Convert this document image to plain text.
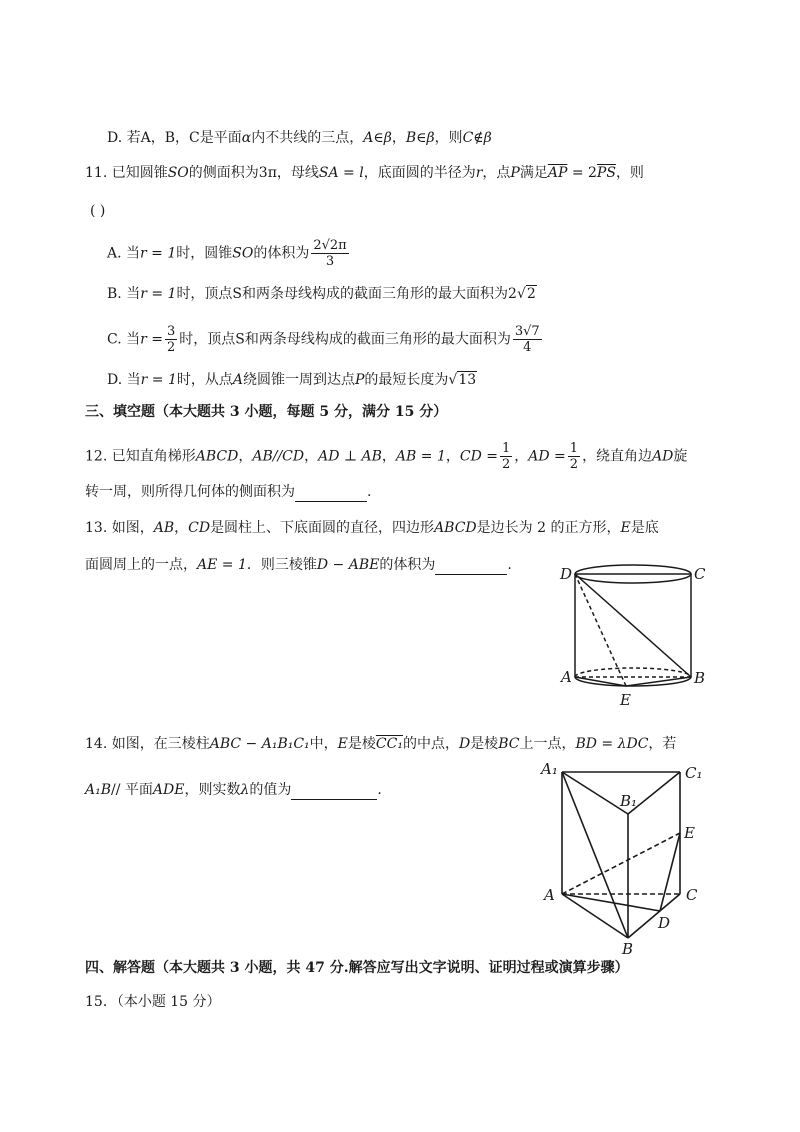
D. 若A，B，C是平面α内不共线的三点，A∈β，B∈β，则C∉β
11. 已知圆锥SO的侧面积为3π，母线SA = l，底面圆的半径为r，点P满足$\overline{AP} = 2\overline{PS}$，则
( )
A. 当r = 1时，圆锥SO的体积为 $\frac{2√2\pi}{3}$
B. 当r = 1时，顶点S和两条母线构成的截面三角形的最大面积为2√2
C. 当$r = \frac{3}{2}$ 时，顶点S和两条母线构成的截面三角形的最大面积为 $\frac{3√7}{4}$
D. 当r = 1时，从点A绕圆锥一周到达点P的最短长度为√13
三、填空题（本大题共 3 小题，每题 5 分，满分 15 分）
12. 已知直角梯形ABCD，AB//CD，AD ⊥ AB，AB = 1，CD = $\frac{1}{2}$ ，AD = $\frac{1}{2}$ ，绕直角边AD旋
转一周，则所得几何体的侧面积为	.
13. 如图，AB，CD是圆柱上、下底面圆的直径，四边形ABCD是边长为 2 的正方形，E是底
面圆周上的一点，AE = 1．则三棱锥D − ABE的体积为	.	D	C
A	B
E
14. 如图，在三棱柱ABC − A₁B₁C₁中，E是棱CC₁的中点，D是棱BC上一点，BD = λDC，若
A₁B// 平面ADE，则实数λ的值为	.
A₁	C₁
B₁
E
A	C
D
B
四、解答题（本大题共 3 小题，共 47 分.解答应写出文字说明、证明过程或演算步骤）
15．（本小题 15 分）
